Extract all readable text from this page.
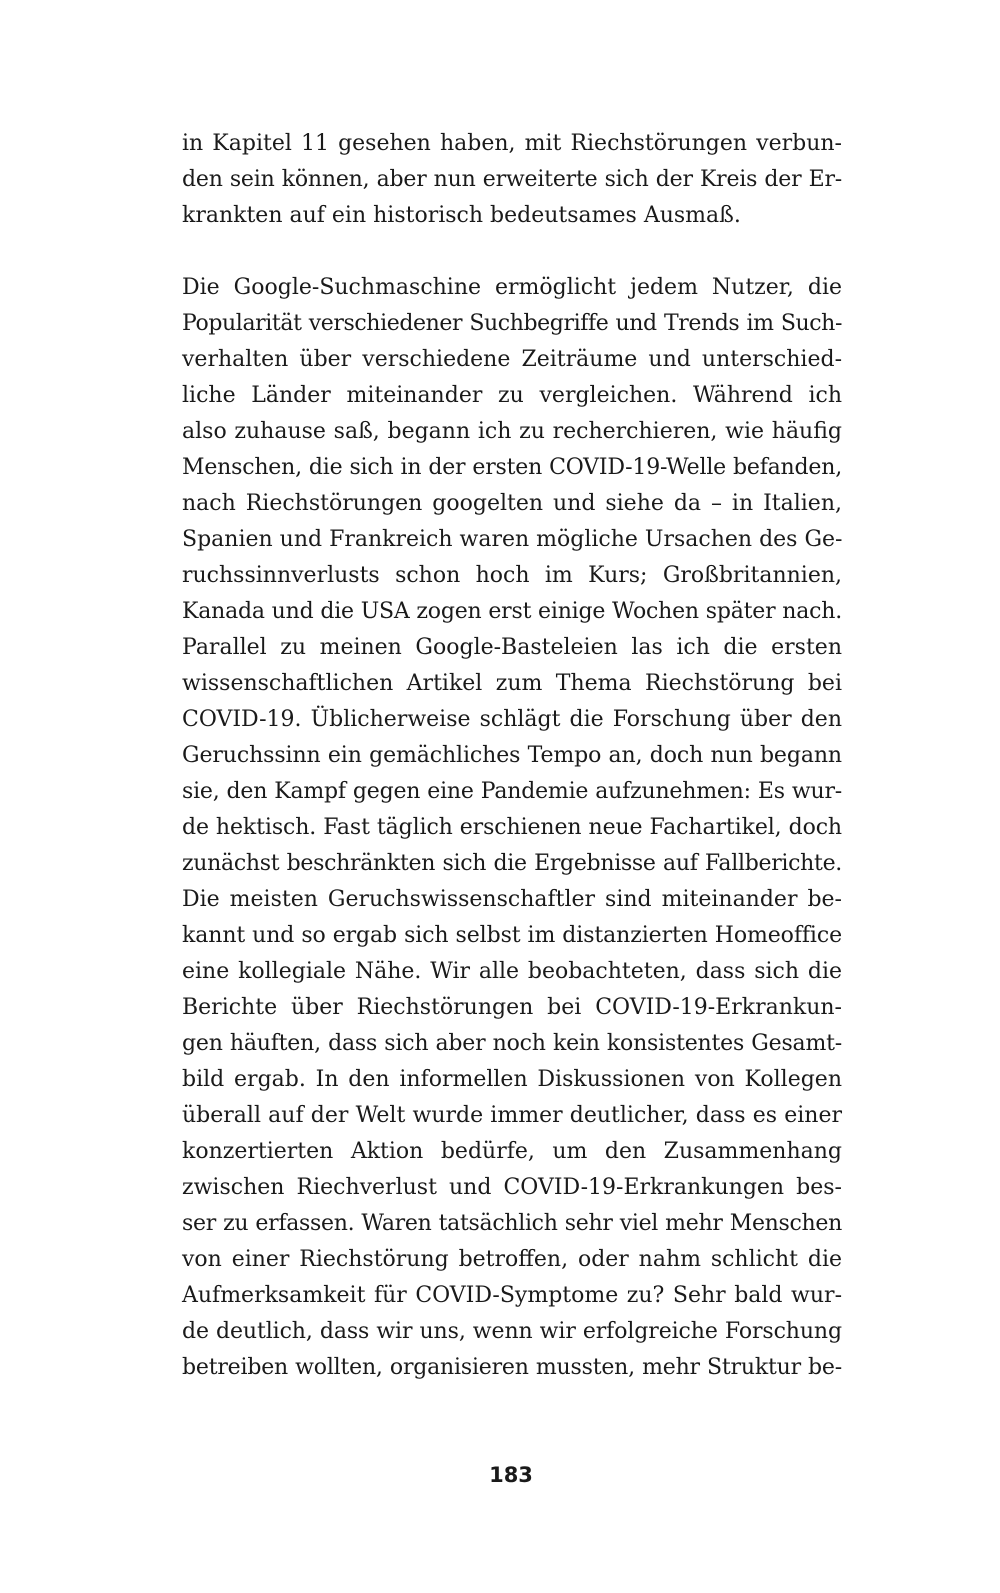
in Kapitel 11 gesehen haben, mit Riechstörungen verbun-
den sein können, aber nun erweiterte sich der Kreis der Er-
krankten auf ein historisch bedeutsames Ausmaß.
Die Google-Suchmaschine ermöglicht jedem Nutzer, die
Popularität verschiedener Suchbegriffe und Trends im Such-
verhalten über verschiedene Zeiträume und unterschied-
liche Länder miteinander zu vergleichen. Während ich
also zuhause saß, begann ich zu recherchieren, wie häufig
Menschen, die sich in der ersten COVID-19-Welle befanden,
nach Riechstörungen googelten und siehe da – in Italien,
Spanien und Frankreich waren mögliche Ursachen des Ge-
ruchssinnverlusts schon hoch im Kurs; Großbritannien,
Kanada und die USA zogen erst einige Wochen später nach.
Parallel zu meinen Google-Basteleien las ich die ersten
wissenschaftlichen Artikel zum Thema Riechstörung bei
COVID-19. Üblicherweise schlägt die Forschung über den
Geruchssinn ein gemächliches Tempo an, doch nun begann
sie, den Kampf gegen eine Pandemie aufzunehmen: Es wur-
de hektisch. Fast täglich erschienen neue Fachartikel, doch
zunächst beschränkten sich die Ergebnisse auf Fallberichte.
Die meisten Geruchswissenschaftler sind miteinander be-
kannt und so ergab sich selbst im distanzierten Homeoffice
eine kollegiale Nähe. Wir alle beobachteten, dass sich die
Berichte über Riechstörungen bei COVID-19-Erkrankun-
gen häuften, dass sich aber noch kein konsistentes Gesamt-
bild ergab. In den informellen Diskussionen von Kollegen
überall auf der Welt wurde immer deutlicher, dass es einer
konzertierten Aktion bedürfe, um den Zusammenhang
zwischen Riechverlust und COVID-19-Erkrankungen bes-
ser zu erfassen. Waren tatsächlich sehr viel mehr Menschen
von einer Riechstörung betroffen, oder nahm schlicht die
Aufmerksamkeit für COVID-Symptome zu? Sehr bald wur-
de deutlich, dass wir uns, wenn wir erfolgreiche Forschung
betreiben wollten, organisieren mussten, mehr Struktur be-
183
